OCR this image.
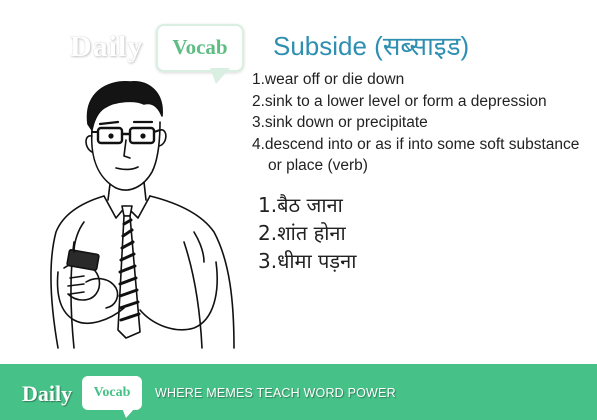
Daily	Vocab	Subside (सब्साइड)
1.wear off or die down
2.sink to a lower level or form a depression
3.sink down or precipitate
4.descend into or as if into some soft substance or place (verb)
1.बैठ जाना
2.शांत होना
3.धीमा पड़ना
Daily	Vocab	WHERE MEMES TEACH WORD POWER
